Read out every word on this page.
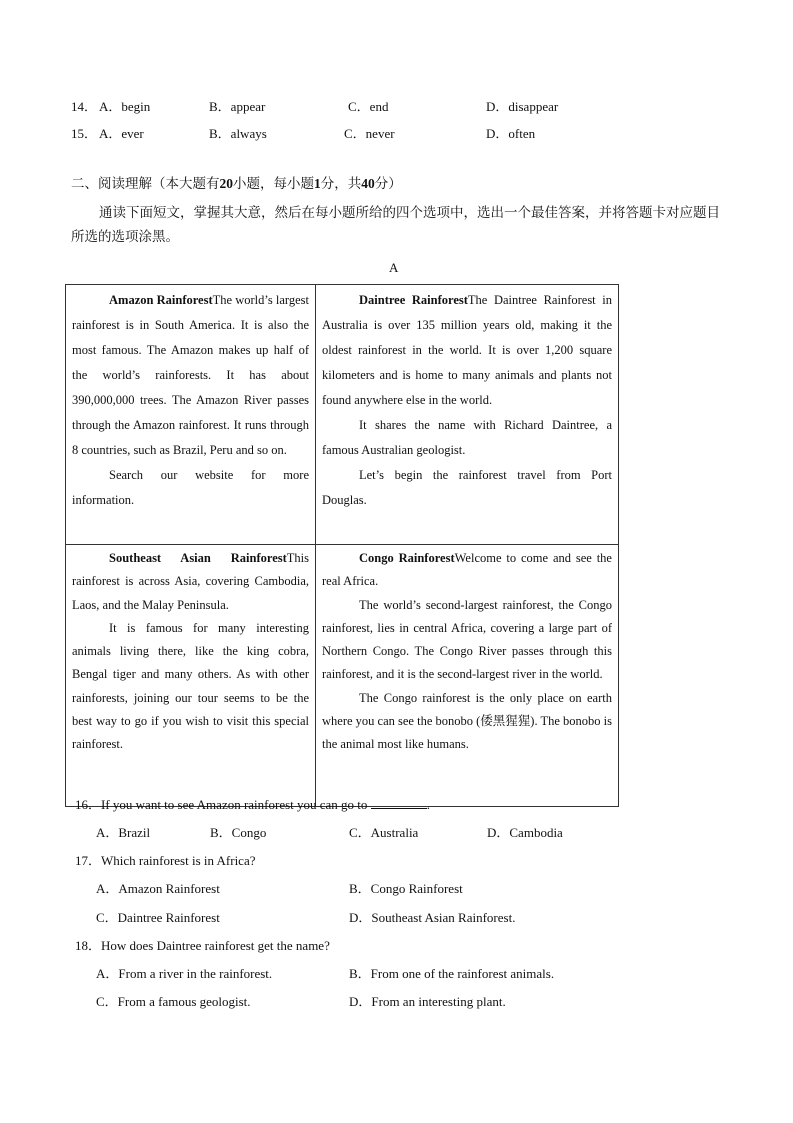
14． A．begin	B．appear	C．end	D．disappear
15． A．ever	B．always	C．never	D．often
二、阅读理解（本大题有20小题，每小题1分，共40分）
通读下面短文，掌握其大意，然后在每小题所给的四个选项中，选出一个最佳答案，并将答题卡对应题目所选的选项涂黑。
A

Amazon RainforestThe world’s largest rainforest is in South America. It is also the most famous. The Amazon makes up half of the world’s rainforests. It has about 390,000,000 trees. The Amazon River passes through the Amazon rainforest. It runs through 8 countries, such as Brazil, Peru and so on.

Search our website for more information.

Daintree RainforestThe Daintree Rainforest in Australia is over 135 million years old, making it the oldest rainforest in the world. It is over 1,200 square kilometers and is home to many animals and plants not found anywhere else in the world.

It shares the name with Richard Daintree, a famous Australian geologist.

Let’s begin the rainforest travel from Port Douglas.

Southeast Asian RainforestThis rainforest is across Asia, covering Cambodia, Laos, and the Malay Peninsula.

It is famous for many interesting animals living there, like the king cobra, Bengal tiger and many others. As with other rainforests, joining our tour seems to be the best way to go if you wish to visit this special rainforest.

Congo RainforestWelcome to come and see the real Africa.

The world’s second-largest rainforest, the Congo rainforest, lies in central Africa, covering a large part of Northern Congo. The Congo River passes through this rainforest, and it is the second-largest river in the world.

The Congo rainforest is the only place on earth where you can see the bonobo (倭黑猩猩). The bonobo is the animal most like humans.

16．If you want to see Amazon rainforest you can go to	.
A．Brazil	B．Congo	C．Australia	D．Cambodia
17．Which rainforest is in Africa?
A．Amazon Rainforest	B．Congo Rainforest
C．Daintree Rainforest	D．Southeast Asian Rainforest.
18．How does Daintree rainforest get the name?
A．From a river in the rainforest.	B．From one of the rainforest animals.
C．From a famous geologist.	D．From an interesting plant.
